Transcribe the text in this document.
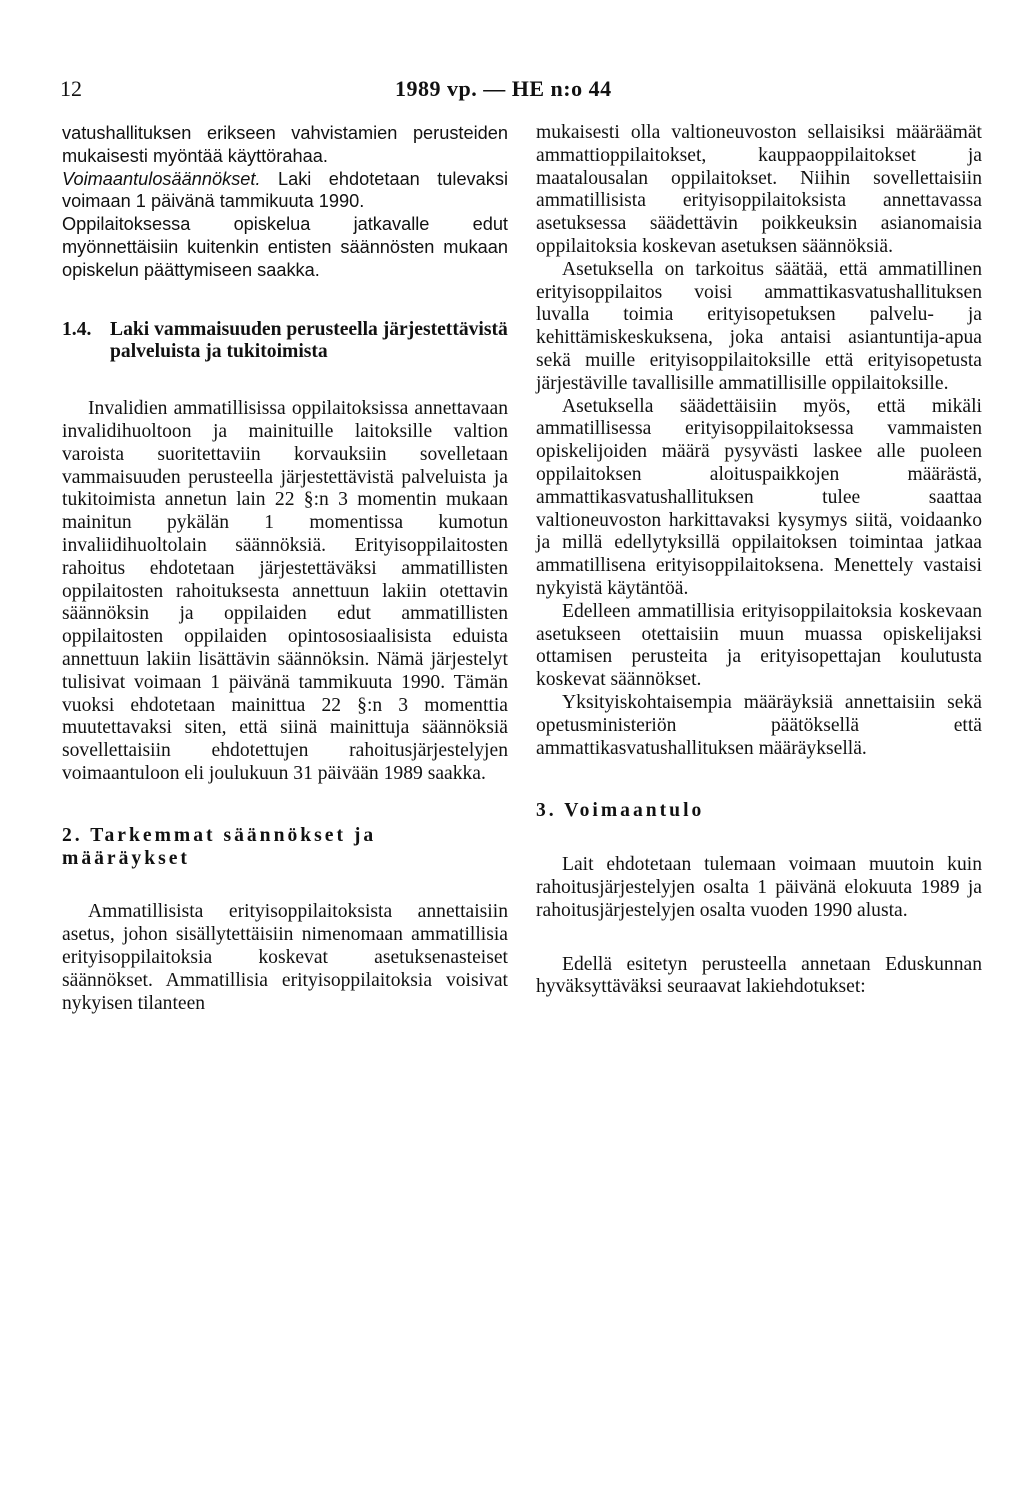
12	1989 vp. — HE n:o 44

vatushallituksen erikseen vahvistamien perusteiden mukaisesti myöntää käyttörahaa.

Voimaantulosäännökset. Laki ehdotetaan tulevaksi voimaan 1 päivänä tammikuuta 1990.

Oppilaitoksessa opiskelua jatkavalle edut myönnettäisiin kuitenkin entisten säännösten mukaan opiskelun päättymiseen saakka.

1.4. Laki vammaisuuden perusteella järjestettävistä palveluista ja tukitoimista

Invalidien ammatillisissa oppilaitoksissa annettavaan invalidihuoltoon ja mainituille laitoksille valtion varoista suoritettaviin korvauksiin sovelletaan vammaisuuden perusteella järjestettävistä palveluista ja tukitoimista annetun lain 22 §:n 3 momentin mukaan mainitun pykälän 1 momentissa kumotun invaliidihuoltolain säännöksiä. Erityisoppilaitosten rahoitus ehdotetaan järjestettäväksi ammatillisten oppilaitosten rahoituksesta annettuun lakiin otettavin säännöksin ja oppilaiden edut ammatillisten oppilaitosten oppilaiden opintososiaalisista eduista annettuun lakiin lisättävin säännöksin. Nämä järjestelyt tulisivat voimaan 1 päivänä tammikuuta 1990. Tämän vuoksi ehdotetaan mainittua 22 §:n 3 momenttia muutettavaksi siten, että siinä mainittuja säännöksiä sovellettaisiin ehdotettujen rahoitusjärjestelyjen voimaantuloon eli joulukuun 31 päivään 1989 saakka.

2. Tarkemmat säännökset ja määräykset

Ammatillisista erityisoppilaitoksista annettaisiin asetus, johon sisällytettäisiin nimenomaan ammatillisia erityisoppilaitoksia koskevat asetuksenasteiset säännökset. Ammatillisia erityisoppilaitoksia voisivat nykyisen tilanteen

mukaisesti olla valtioneuvoston sellaisiksi määräämät ammattioppilaitokset, kauppaoppilaitokset ja maatalousalan oppilaitokset. Niihin sovellettaisiin ammatillisista erityisoppilaitoksista annettavassa asetuksessa säädettävin poikkeuksin asianomaisia oppilaitoksia koskevan asetuksen säännöksiä.

Asetuksella on tarkoitus säätää, että ammatillinen erityisoppilaitos voisi ammattikasvatushallituksen luvalla toimia erityisopetuksen palvelu- ja kehittämiskeskuksena, joka antaisi asiantuntija-apua sekä muille erityisoppilaitoksille että erityisopetusta järjestäville tavallisille ammatillisille oppilaitoksille.

Asetuksella säädettäisiin myös, että mikäli ammatillisessa erityisoppilaitoksessa vammaisten opiskelijoiden määrä pysyvästi laskee alle puoleen oppilaitoksen aloituspaikkojen määrästä, ammattikasvatushallituksen tulee saattaa valtioneuvoston harkittavaksi kysymys siitä, voidaanko ja millä edellytyksillä oppilaitoksen toimintaa jatkaa ammatillisena erityisoppilaitoksena. Menettely vastaisi nykyistä käytäntöä.

Edelleen ammatillisia erityisoppilaitoksia koskevaan asetukseen otettaisiin muun muassa opiskelijaksi ottamisen perusteita ja erityisopettajan koulutusta koskevat säännökset.

Yksityiskohtaisempia määräyksiä annettaisiin sekä opetusministeriön päätöksellä että ammattikasvatushallituksen määräyksellä.

3. Voimaantulo

Lait ehdotetaan tulemaan voimaan muutoin kuin rahoitusjärjestelyjen osalta 1 päivänä elokuuta 1989 ja rahoitusjärjestelyjen osalta vuoden 1990 alusta.

Edellä esitetyn perusteella annetaan Eduskunnan hyväksyttäväksi seuraavat lakiehdotukset:
